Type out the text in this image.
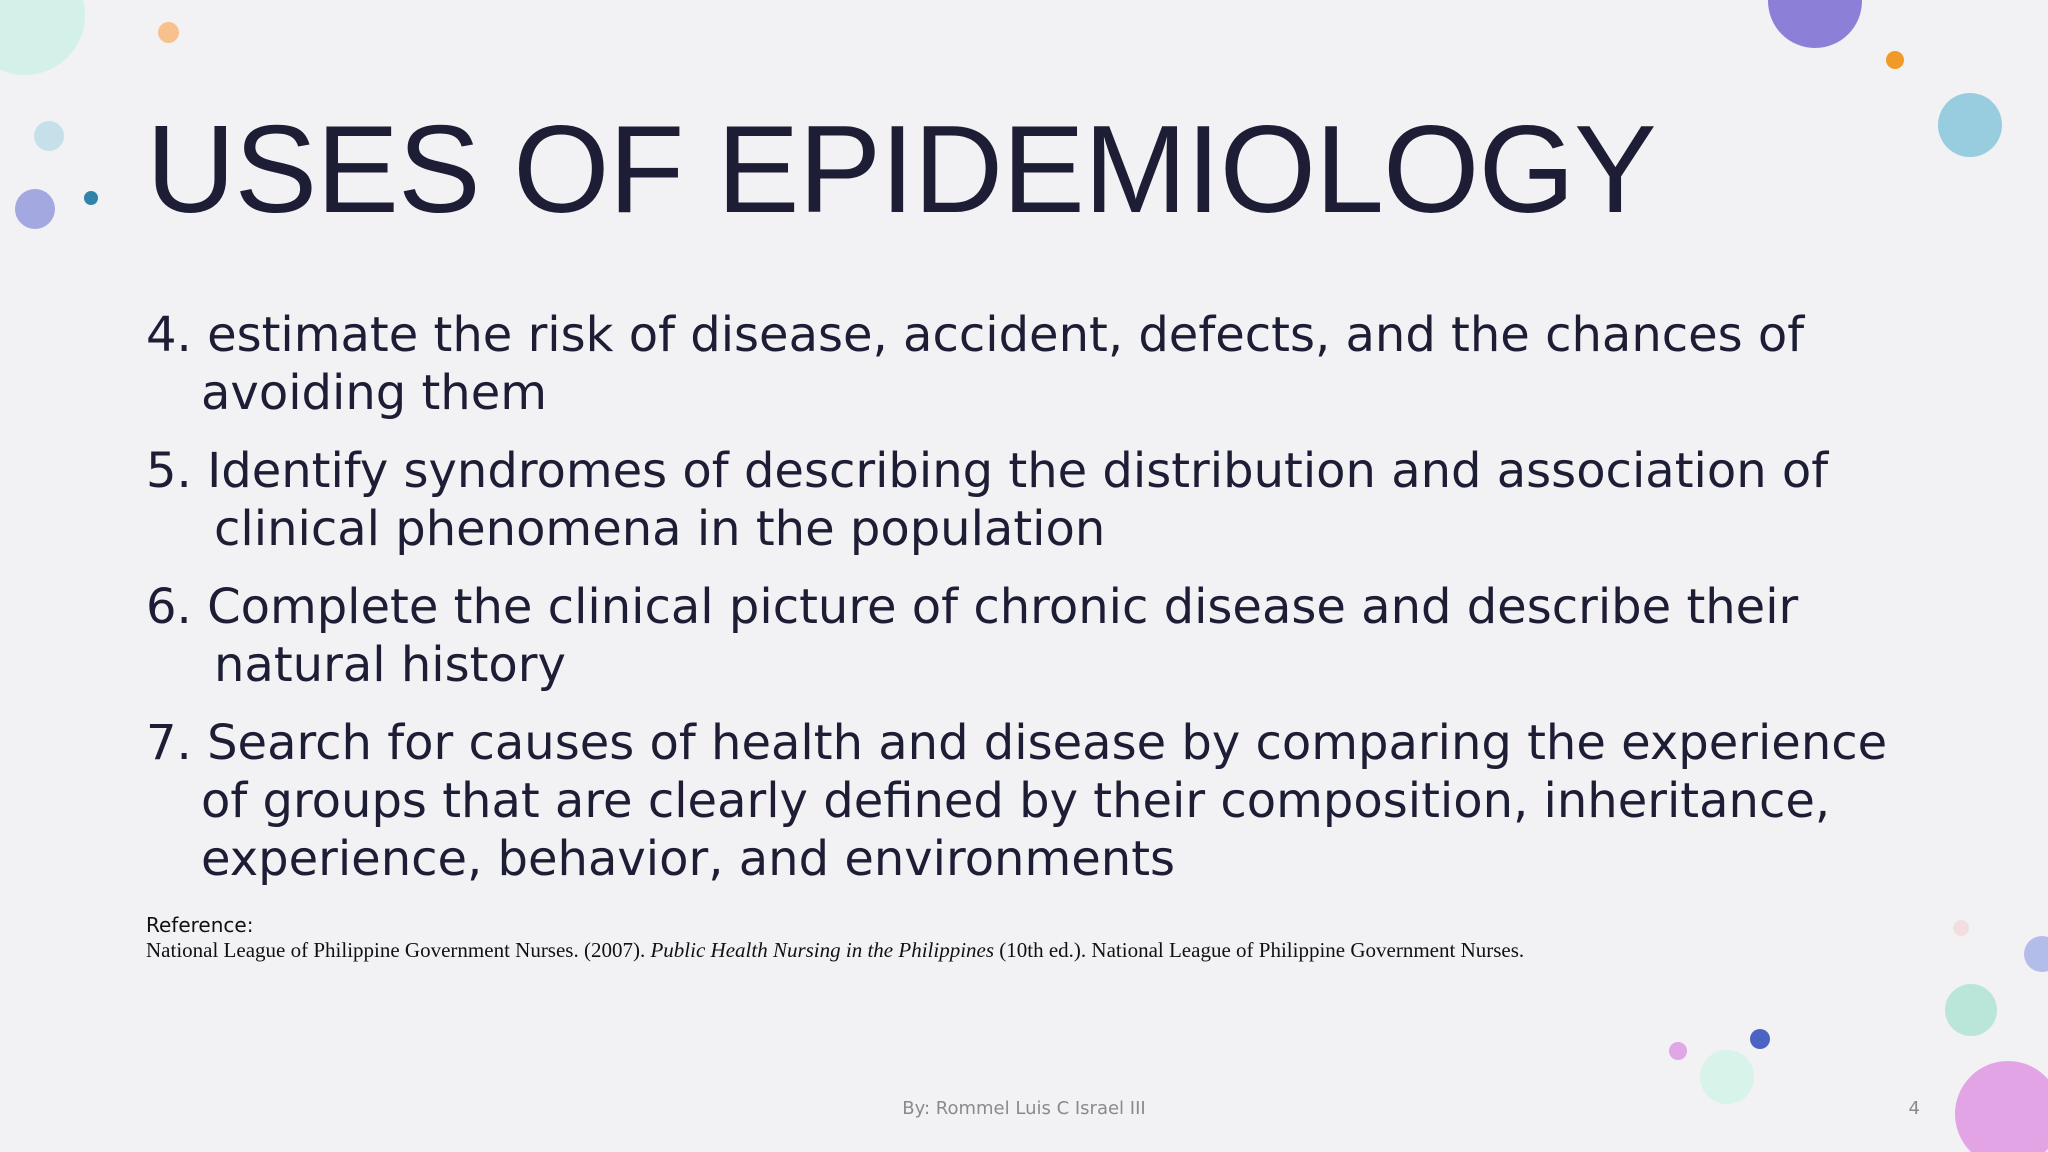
USES OF EPIDEMIOLOGY
4. estimate the risk of disease, accident, defects, and the chances of
avoiding them
5. Identify syndromes of describing the distribution and association of
clinical phenomena in the population
6. Complete the clinical picture of chronic disease and describe their
natural history
7. Search for causes of health and disease by comparing the experience
of groups that are clearly defined by their composition, inheritance,
experience, behavior, and environments
Reference:
National League of Philippine Government Nurses. (2007). Public Health Nursing in the Philippines (10th ed.). National League of Philippine Government Nurses.
By: Rommel Luis C Israel III	4
